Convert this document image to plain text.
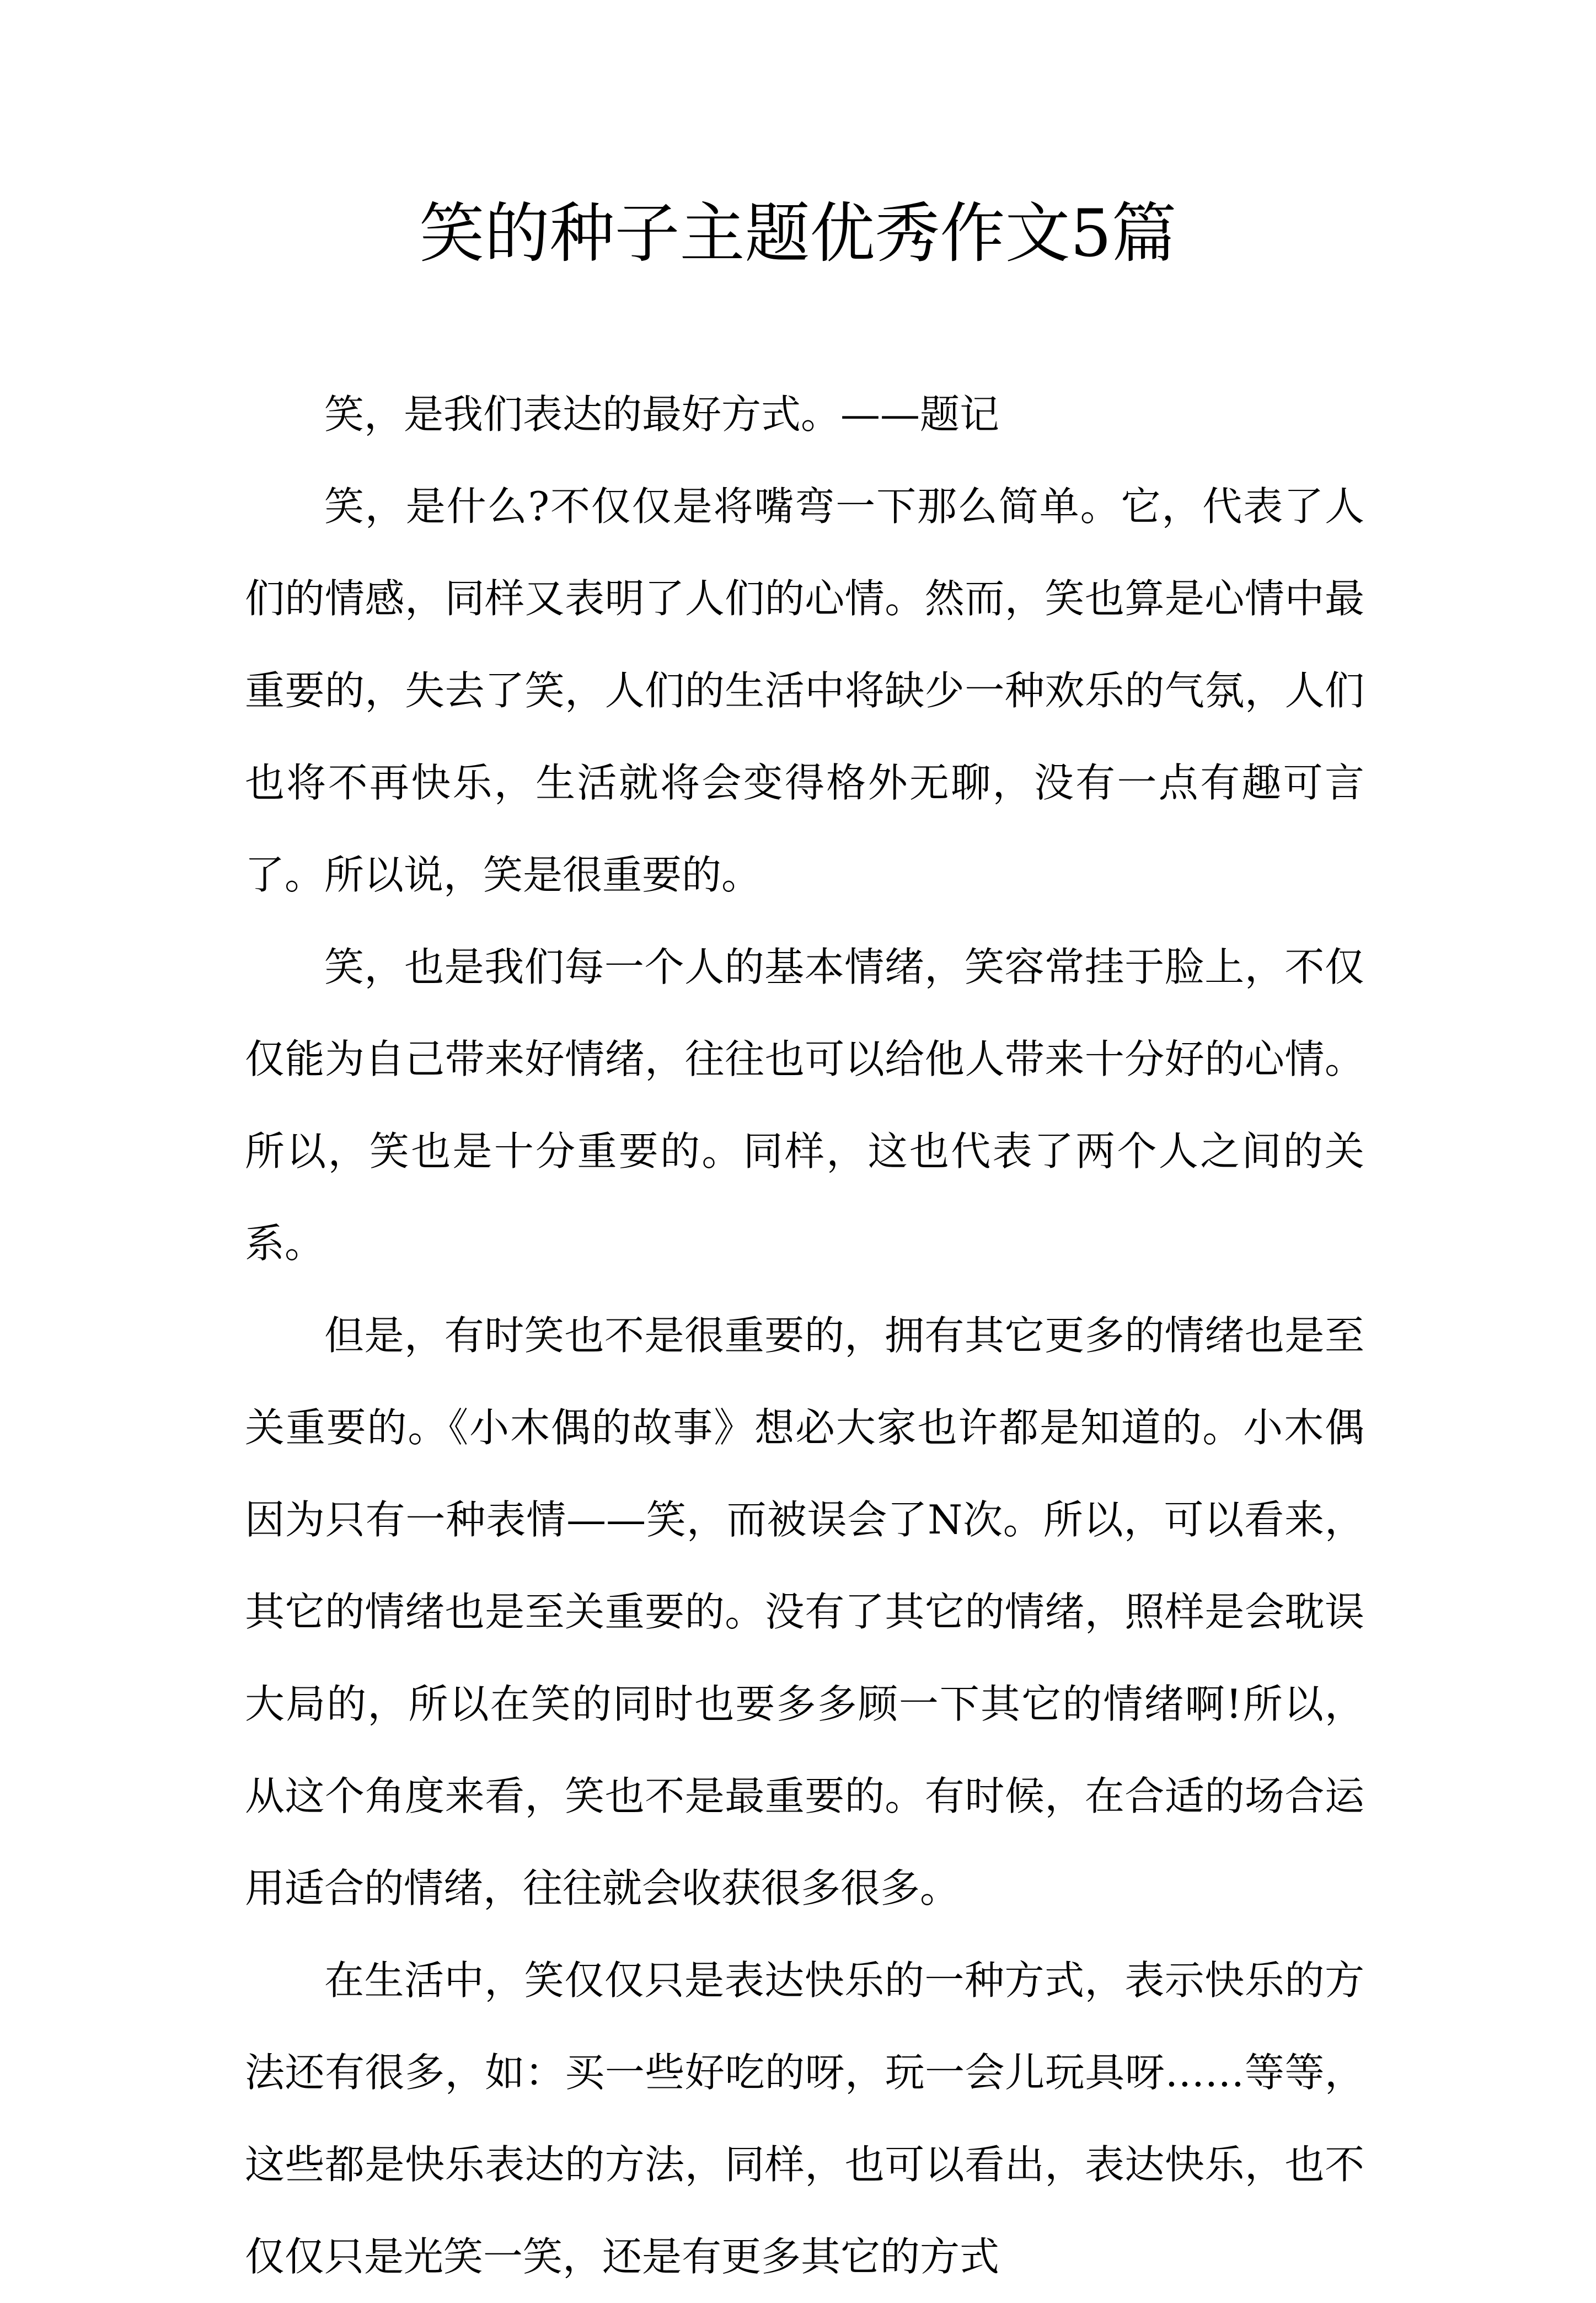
笑的种子主题优秀作文5篇

笑，是我们表达的最好方式。——题记

笑，是什么?不仅仅是将嘴弯一下那么简单。它，代表了人们的情感，同样又表明了人们的心情。然而，笑也算是心情中最重要的，失去了笑，人们的生活中将缺少一种欢乐的气氛，人们也将不再快乐，生活就将会变得格外无聊，没有一点有趣可言了。所以说，笑是很重要的。

笑，也是我们每一个人的基本情绪，笑容常挂于脸上，不仅仅能为自己带来好情绪，往往也可以给他人带来十分好的心情。所以，笑也是十分重要的。同样，这也代表了两个人之间的关系。

但是，有时笑也不是很重要的，拥有其它更多的情绪也是至关重要的。《小木偶的故事》想必大家也许都是知道的。小木偶因为只有一种表情——笑，而被误会了N次。所以，可以看来，其它的情绪也是至关重要的。没有了其它的情绪，照样是会耽误大局的，所以在笑的同时也要多多顾一下其它的情绪啊!所以，从这个角度来看，笑也不是最重要的。有时候，在合适的场合运用适合的情绪，往往就会收获很多很多。

在生活中，笑仅仅只是表达快乐的一种方式，表示快乐的方法还有很多，如：买一些好吃的呀，玩一会儿玩具呀……等等，这些都是快乐表达的方法，同样，也可以看出，表达快乐，也不仅仅只是光笑一笑，还是有更多其它的方式
